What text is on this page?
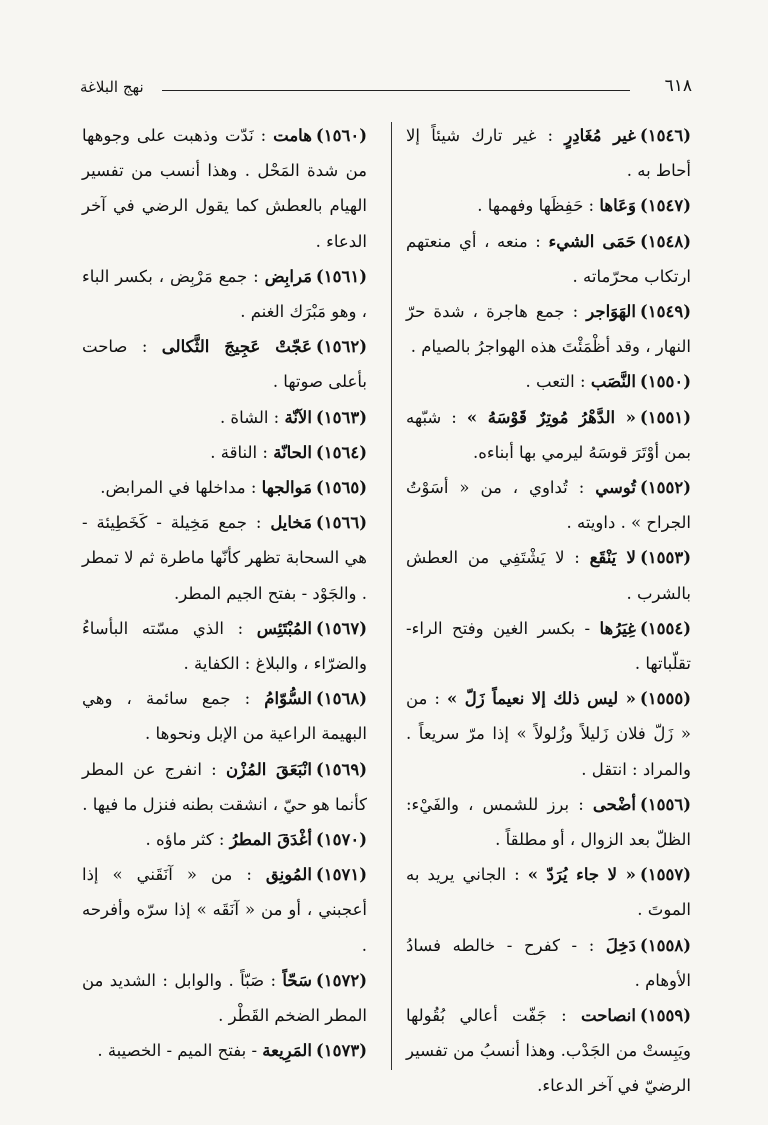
نهج البلاغة	٦١٨

(١٥٤٦)غير مُغَادِرٍ : غير تارك شيئاً إلا أحاط به .

(١٥٤٧)وَعَاها : حَفِظَها وفهمها .

(١٥٤٨)حَمَى الشيء : منعه ، أي منعتهم ارتكاب محرّماته .

(١٥٤٩)الهَوَاجر : جمع هاجرة ، شدة حرّ النهار ، وقد أظْمَئْتَ هذه الهواجرُ بالصيام .

(١٥٥٠)النَّصَب : التعب .

(١٥٥١)« الدَّهْرُ مُوتِرٌ قَوْسَهُ » : شبّهه بمن أوْتَرَ قوسَهُ ليرمي بها أبناءه.

(١٥٥٢)تُوسي : تُداوي ، من « أسَوْتُ الجراح » . داويته .

(١٥٥٣)لا يَنْقَع : لا يَشْتَفِي من العطش بالشرب .

(١٥٥٤)غِيَرُها - بكسر الغين وفتح الراء- تقلّباتها .

(١٥٥٥)« ليس ذلك إلا نعيماً زَلّ » : من « زَلّ فلان زَليلاً وزُلولاً » إذا مرّ سريعاً . والمراد : انتقل .

(١٥٥٦)أضْحى : برز للشمس ، والفَيْء: الظلّ بعد الزوال ، أو مطلقاً .

(١٥٥٧)« لا جاء يُرَدّ » : الجاني يريد به الموتَ .

(١٥٥٨)دَخِلَ : - كفرح - خالطه فسادُ الأوهام .

(١٥٥٩)انصاحت : جَفّت أعالي بُقُولها ويَبِستْ من الجَدْب. وهذا أنسبُ من تفسير الرضيّ في آخر الدعاء.

(١٥٦٠)هامت : نَدّت وذهبت على وجوهها من شدة المَحْل . وهذا أنسب من تفسير الهيام بالعطش كما يقول الرضي في آخر الدعاء .

(١٥٦١)مَرابِض : جمع مَرْبِض ، بكسر الباء ، وهو مَبْرَك الغنم .

(١٥٦٢)عَجّتْ عَجِيجَ الثَّكالى : صاحت بأعلى صوتها .

(١٥٦٣)الآنّة : الشاة .

(١٥٦٤)الحانّة : الناقة .

(١٥٦٥)مَوالجها : مداخلها في المرابض.

(١٥٦٦)مَخايل : جمع مَخِيلة - كَخَطِيئة - هي السحابة تظهر كأنّها ماطرة ثم لا تمطر . والجَوْد - بفتح الجيم المطر.

(١٥٦٧)المُبْتَئِس : الذي مسّته البأساءُ والضرّاء ، والبلاغ : الكفاية .

(١٥٦٨)السُّوّامُ : جمع سائمة ، وهي البهيمة الراعية من الإبل ونحوها .

(١٥٦٩)انْبَعَقَ المُزْن : انفرج عن المطر كأنما هو حيّ ، انشقت بطنه فنزل ما فيها .

(١٥٧٠)أغْدَقَ المطرُ : كثر ماؤه .

(١٥٧١)المُونِق : من « آنَقَني » إذا أعجبني ، أو من « آنَقَه » إذا سرّه وأفرحه .

(١٥٧٢)سَحّاً : صَبّاً . والوابل : الشديد من المطر الضخم القَطْر .

(١٥٧٣)المَرِيعة - بفتح الميم - الخصيبة .
